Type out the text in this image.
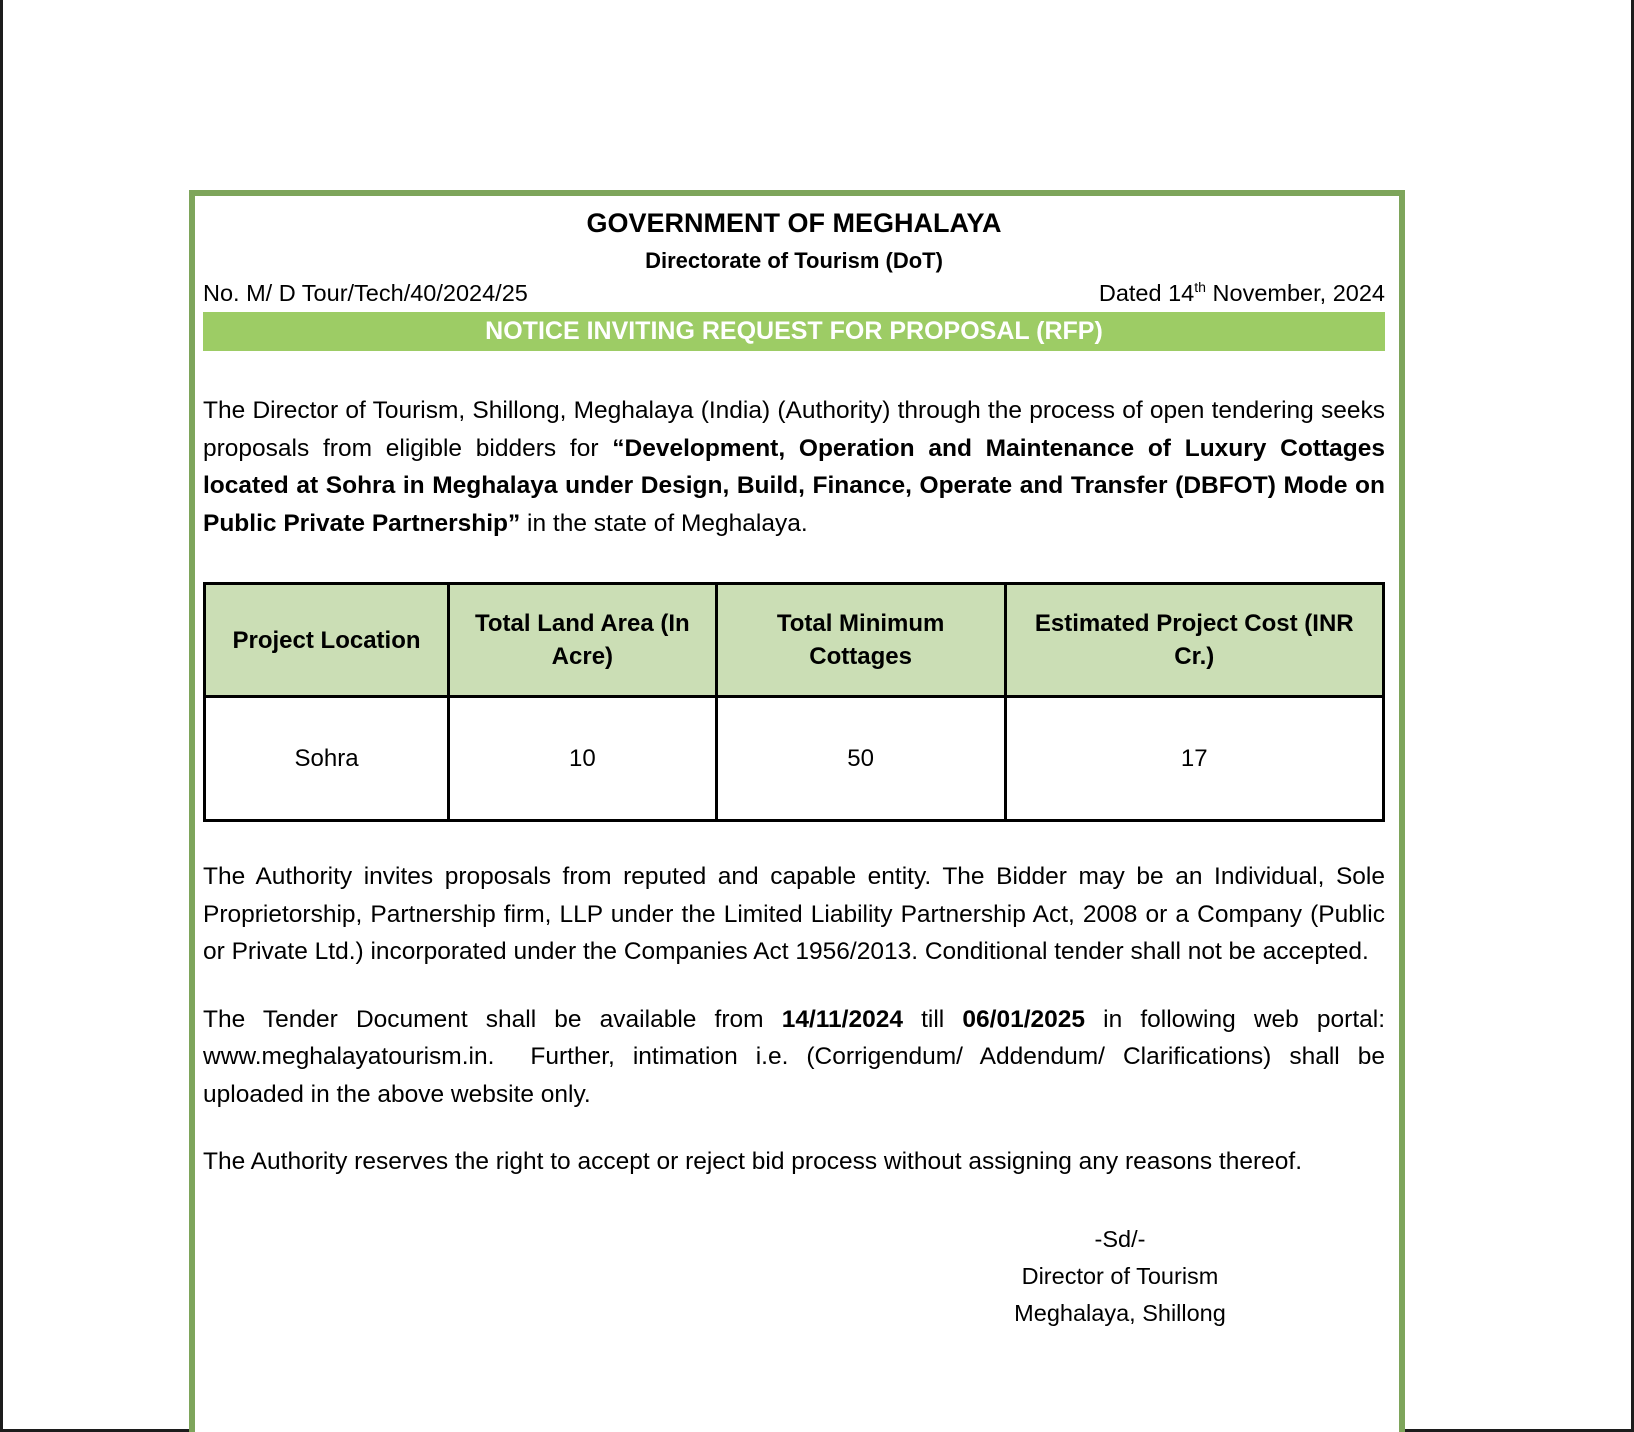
GOVERNMENT OF MEGHALAYA
Directorate of Tourism (DoT)
No. M/ D Tour/Tech/40/2024/25	Dated 14th November, 2024
NOTICE INVITING REQUEST FOR PROPOSAL (RFP)
The Director of Tourism, Shillong, Meghalaya (India) (Authority) through the process of open tendering seeks proposals from eligible bidders for “Development, Operation and Maintenance of Luxury Cottages located at Sohra in Meghalaya under Design, Build, Finance, Operate and Transfer (DBFOT) Mode on Public Private Partnership” in the state of Meghalaya.
Project Location	Total Land Area (In Acre)	Total Minimum Cottages	Estimated Project Cost (INR Cr.)
Sohra	10	50	17
The Authority invites proposals from reputed and capable entity. The Bidder may be an Individual, Sole Proprietorship, Partnership firm, LLP under the Limited Liability Partnership Act, 2008 or a Company (Public or Private Ltd.) incorporated under the Companies Act 1956/2013. Conditional tender shall not be accepted.
The Tender Document shall be available from 14/11/2024 till 06/01/2025 in following web portal: www.meghalayatourism.in.  Further, intimation i.e. (Corrigendum/ Addendum/ Clarifications) shall be uploaded in the above website only.
The Authority reserves the right to accept or reject bid process without assigning any reasons thereof.
-Sd/-
Director of Tourism
Meghalaya, Shillong
